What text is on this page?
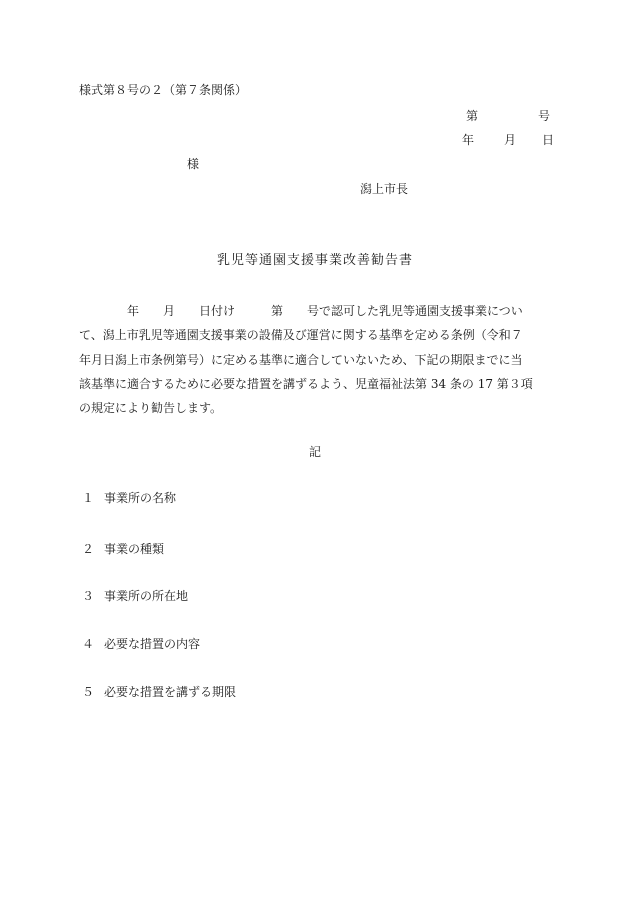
様式第８号の２（第７条関係）
第	号
年 月 日
様
潟上市長
乳児等通園支援事業改善勧告書
　　　　年　　月　　日付け　　　第　　号で認可した乳児等通園支援事業につい
て、潟上市乳児等通園支援事業の設備及び運営に関する基準を定める条例（令和７
年月日潟上市条例第号）に定める基準に適合していないため、下記の期限までに当
該基準に適合するために必要な措置を講ずるよう、児童福祉法第 34 条の 17 第３項
の規定により勧告します。
記
１ 事業所の名称
２ 事業の種類
３ 事業所の所在地
４ 必要な措置の内容
５ 必要な措置を講ずる期限
